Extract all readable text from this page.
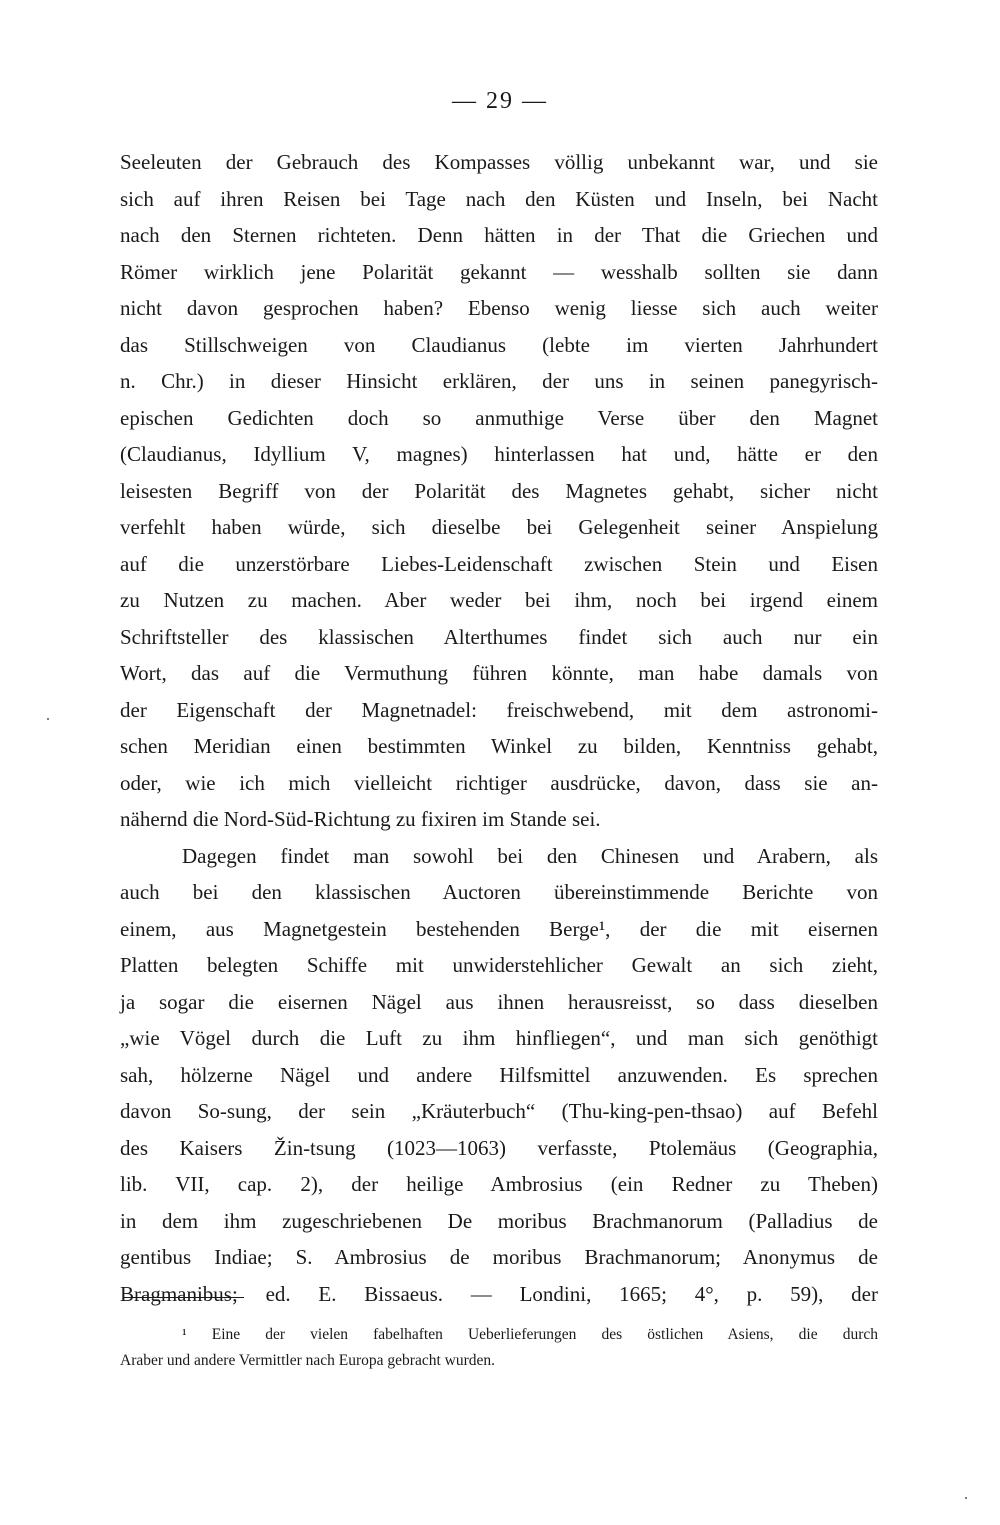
— 29 —
Seeleuten der Gebrauch des Kompasses völlig unbekannt war, und sie
sich auf ihren Reisen bei Tage nach den Küsten und Inseln, bei Nacht
nach den Sternen richteten. Denn hätten in der That die Griechen und
Römer wirklich jene Polarität gekannt — wesshalb sollten sie dann
nicht davon gesprochen haben? Ebenso wenig liesse sich auch weiter
das Stillschweigen von Claudianus (lebte im vierten Jahrhundert
n. Chr.) in dieser Hinsicht erklären, der uns in seinen panegyrisch-
epischen Gedichten doch so anmuthige Verse über den Magnet
(Claudianus, Idyllium V, magnes) hinterlassen hat und, hätte er den
leisesten Begriff von der Polarität des Magnetes gehabt, sicher nicht
verfehlt haben würde, sich dieselbe bei Gelegenheit seiner Anspielung
auf die unzerstörbare Liebes-Leidenschaft zwischen Stein und Eisen
zu Nutzen zu machen. Aber weder bei ihm, noch bei irgend einem
Schriftsteller des klassischen Alterthumes findet sich auch nur ein
Wort, das auf die Vermuthung führen könnte, man habe damals von
der Eigenschaft der Magnetnadel: freischwebend, mit dem astronomi-
schen Meridian einen bestimmten Winkel zu bilden, Kenntniss gehabt,
oder, wie ich mich vielleicht richtiger ausdrücke, davon, dass sie an-
nähernd die Nord-Süd-Richtung zu fixiren im Stande sei.
Dagegen findet man sowohl bei den Chinesen und Arabern, als
auch bei den klassischen Auctoren übereinstimmende Berichte von
einem, aus Magnetgestein bestehenden Berge¹, der die mit eisernen
Platten belegten Schiffe mit unwiderstehlicher Gewalt an sich zieht,
ja sogar die eisernen Nägel aus ihnen herausreisst, so dass dieselben
„wie Vögel durch die Luft zu ihm hinfliegen“, und man sich genöthigt
sah, hölzerne Nägel und andere Hilfsmittel anzuwenden. Es sprechen
davon So-sung, der sein „Kräuterbuch“ (Thu-king-pen-thsao) auf Befehl
des Kaisers Žin-tsung (1023—1063) verfasste, Ptolemäus (Geographia,
lib. VII, cap. 2), der heilige Ambrosius (ein Redner zu Theben)
in dem ihm zugeschriebenen De moribus Brachmanorum (Palladius de
gentibus Indiae; S. Ambrosius de moribus Brachmanorum; Anonymus de
Bragmanibus; ed. E. Bissaeus. — Londini, 1665; 4°, p. 59), der
¹ Eine der vielen fabelhaften Ueberlieferungen des östlichen Asiens, die durch
Araber und andere Vermittler nach Europa gebracht wurden.
